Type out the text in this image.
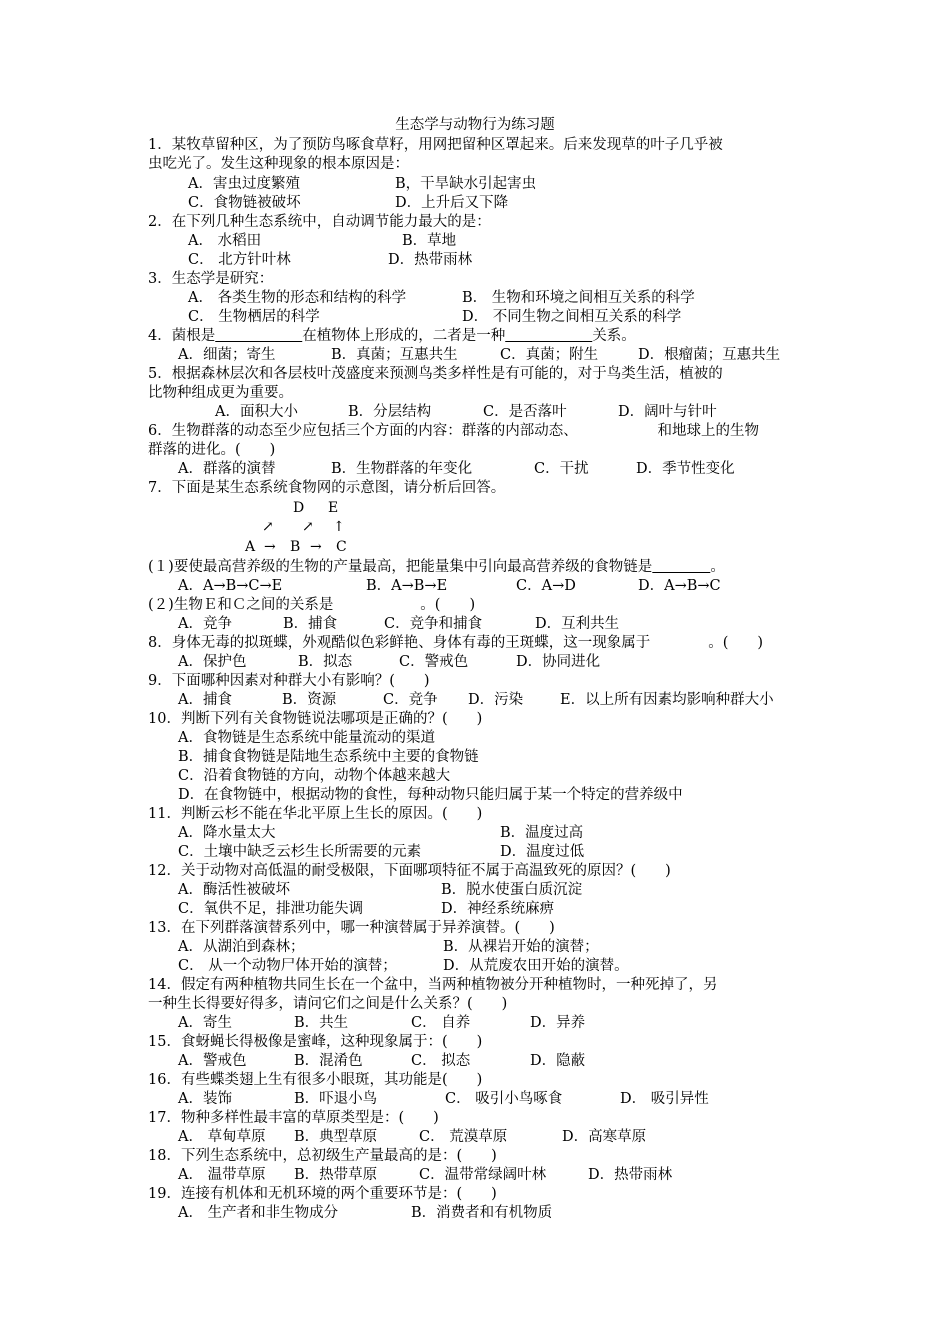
生态学与动物行为练习题
1．某牧草留种区，为了预防鸟啄食草籽，用网把留种区罩起来。后来发现草的叶子几乎被
虫吃光了。发生这种现象的根本原因是：
A．害虫过度繁殖	B，干旱缺水引起害虫
C．食物链被破坏	D．上升后又下降
2．在下列几种生态系统中，自动调节能力最大的是：
A． 水稻田	B．草地
C． 北方针叶林	D．热带雨林
3．生态学是研究：
A． 各类生物的形态和结构的科学	B． 生物和环境之间相互关系的科学
C． 生物栖居的科学	D． 不同生物之间相互关系的科学
4．菌根是　　　　　　	在植物体上形成的，二者是一种　　　　　　	关系。
A．细菌；寄生	B．真菌；互惠共生	C．真菌；附生	D．根瘤菌；互惠共生
5．根据森林层次和各层枝叶茂盛度来预测鸟类多样性是有可能的，对于鸟类生活，植被的
比物种组成更为重要。
A．面积大小	B．分层结构	C．是否落叶	D．阔叶与针叶
6．生物群落的动态至少应包括三个方面的内容：群落的内部动态、　　　　　　和地球上的生物
群落的进化。(　　)
A．群落的演替	B．生物群落的年变化	C．干扰	D．季节性变化
7．下面是某生态系统食物网的示意图，请分析后回答。
D E
↗ ↗ ↑
A → B → C
(１)要使最高营养级的生物的产量最高，把能量集中引向最高营养级的食物链是　　　　	。
A．A→B→C→E	B．A→B→E	C．A→D	D．A→B→C
(２)生物Ｅ和Ｃ之间的关系是　　　　　　。(　　)
A．竞争	B．捕食	C．竞争和捕食	D．互利共生
8．身体无毒的拟斑蝶，外观酷似色彩鲜艳、身体有毒的王斑蝶，这一现象属于　　　　。(　　)
A．保护色	B．拟态	C．警戒色	D．协同进化
9．下面哪种因素对种群大小有影响？(　　)
A．捕食	B．资源	C．竞争 D．污染	E．以上所有因素均影响种群大小
10．判断下列有关食物链说法哪项是正确的？(　　)
A．食物链是生态系统中能量流动的渠道
B．捕食食物链是陆地生态系统中主要的食物链
C．沿着食物链的方向，动物个体越来越大
D．在食物链中，根据动物的食性，每种动物只能归属于某一个特定的营养级中
11．判断云杉不能在华北平原上生长的原因。(　　)
A．降水量太大	B．温度过高
C．土壤中缺乏云杉生长所需要的元素	D．温度过低
12．关于动物对高低温的耐受极限，下面哪项特征不属于高温致死的原因？(　　)
A．酶活性被破坏	B．脱水使蛋白质沉淀
C．氧供不足，排泄功能失调	D．神经系统麻痹
13．在下列群落演替系列中，哪一种演替属于异养演替。(　　)
A．从湖泊到森林；	B．从裸岩开始的演替；
C． 从一个动物尸体开始的演替；	D．从荒废农田开始的演替。
14．假定有两种植物共同生长在一个盆中，当两种植物被分开种植物时，一种死掉了，另
一种生长得要好得多，请问它们之间是什么关系？(　　)
A．寄生	B．共生	C． 自养	D．异养
15．食蚜蝇长得极像是蜜峰，这种现象属于：(　　)
A．警戒色	B．混淆色	C． 拟态	D．隐蔽
16．有些蝶类翅上生有很多小眼斑，其功能是(　　)
A．装饰	B．吓退小鸟	C． 吸引小鸟啄食	D． 吸引异性
17．物种多样性最丰富的草原类型是：(　　)
A． 草甸草原 B．典型草原	C． 荒漠草原	D．高寒草原
18．下列生态系统中，总初级生产量最高的是：(　　)
A． 温带草原 B．热带草原	C．温带常绿阔叶林	D．热带雨林
19．连接有机体和无机环境的两个重要环节是：(　　)
A． 生产者和非生物成分	B．消费者和有机物质
